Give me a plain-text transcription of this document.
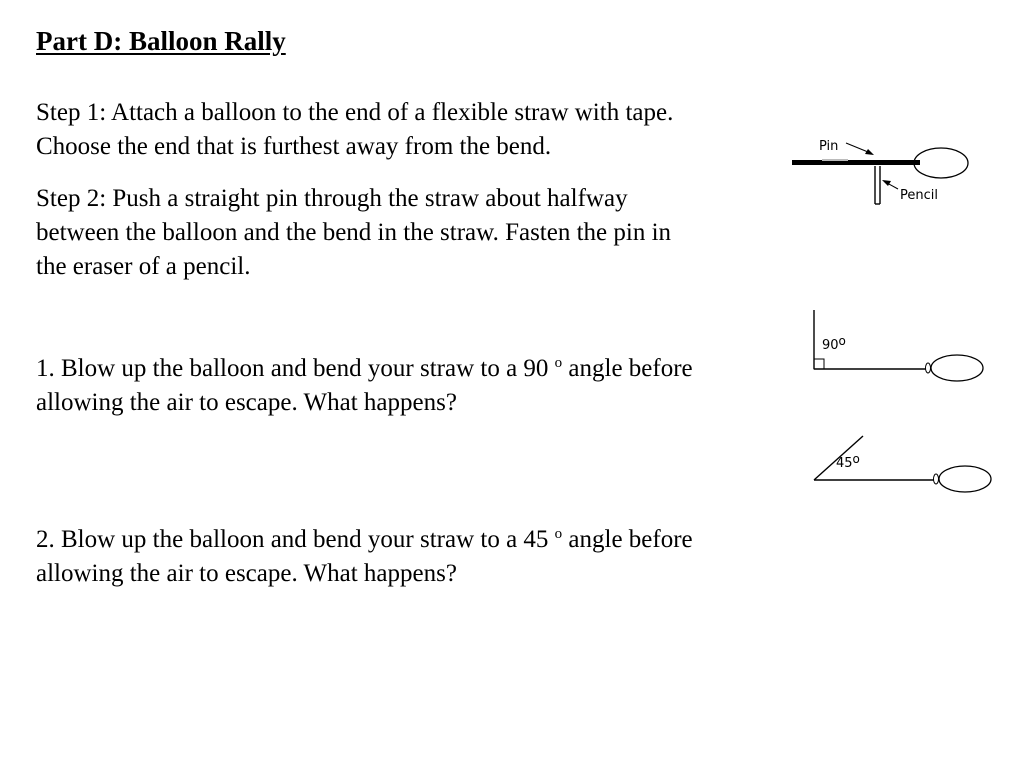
Part D: Balloon Rally

Step 1: Attach a balloon to the end of a flexible straw with tape.
Choose the end that is furthest away from the bend.

Step 2: Push a straight pin through the straw about halfway
between the balloon and the bend in the straw. Fasten the pin in
the eraser of a pencil.

1. Blow up the balloon and bend your straw to a 90 $^o$ angle before
allowing the air to escape. What happens?

2. Blow up the balloon and bend your straw to a 45 $^o$ angle before
allowing the air to escape. What happens?

Pin
Pencil
90o
45o
